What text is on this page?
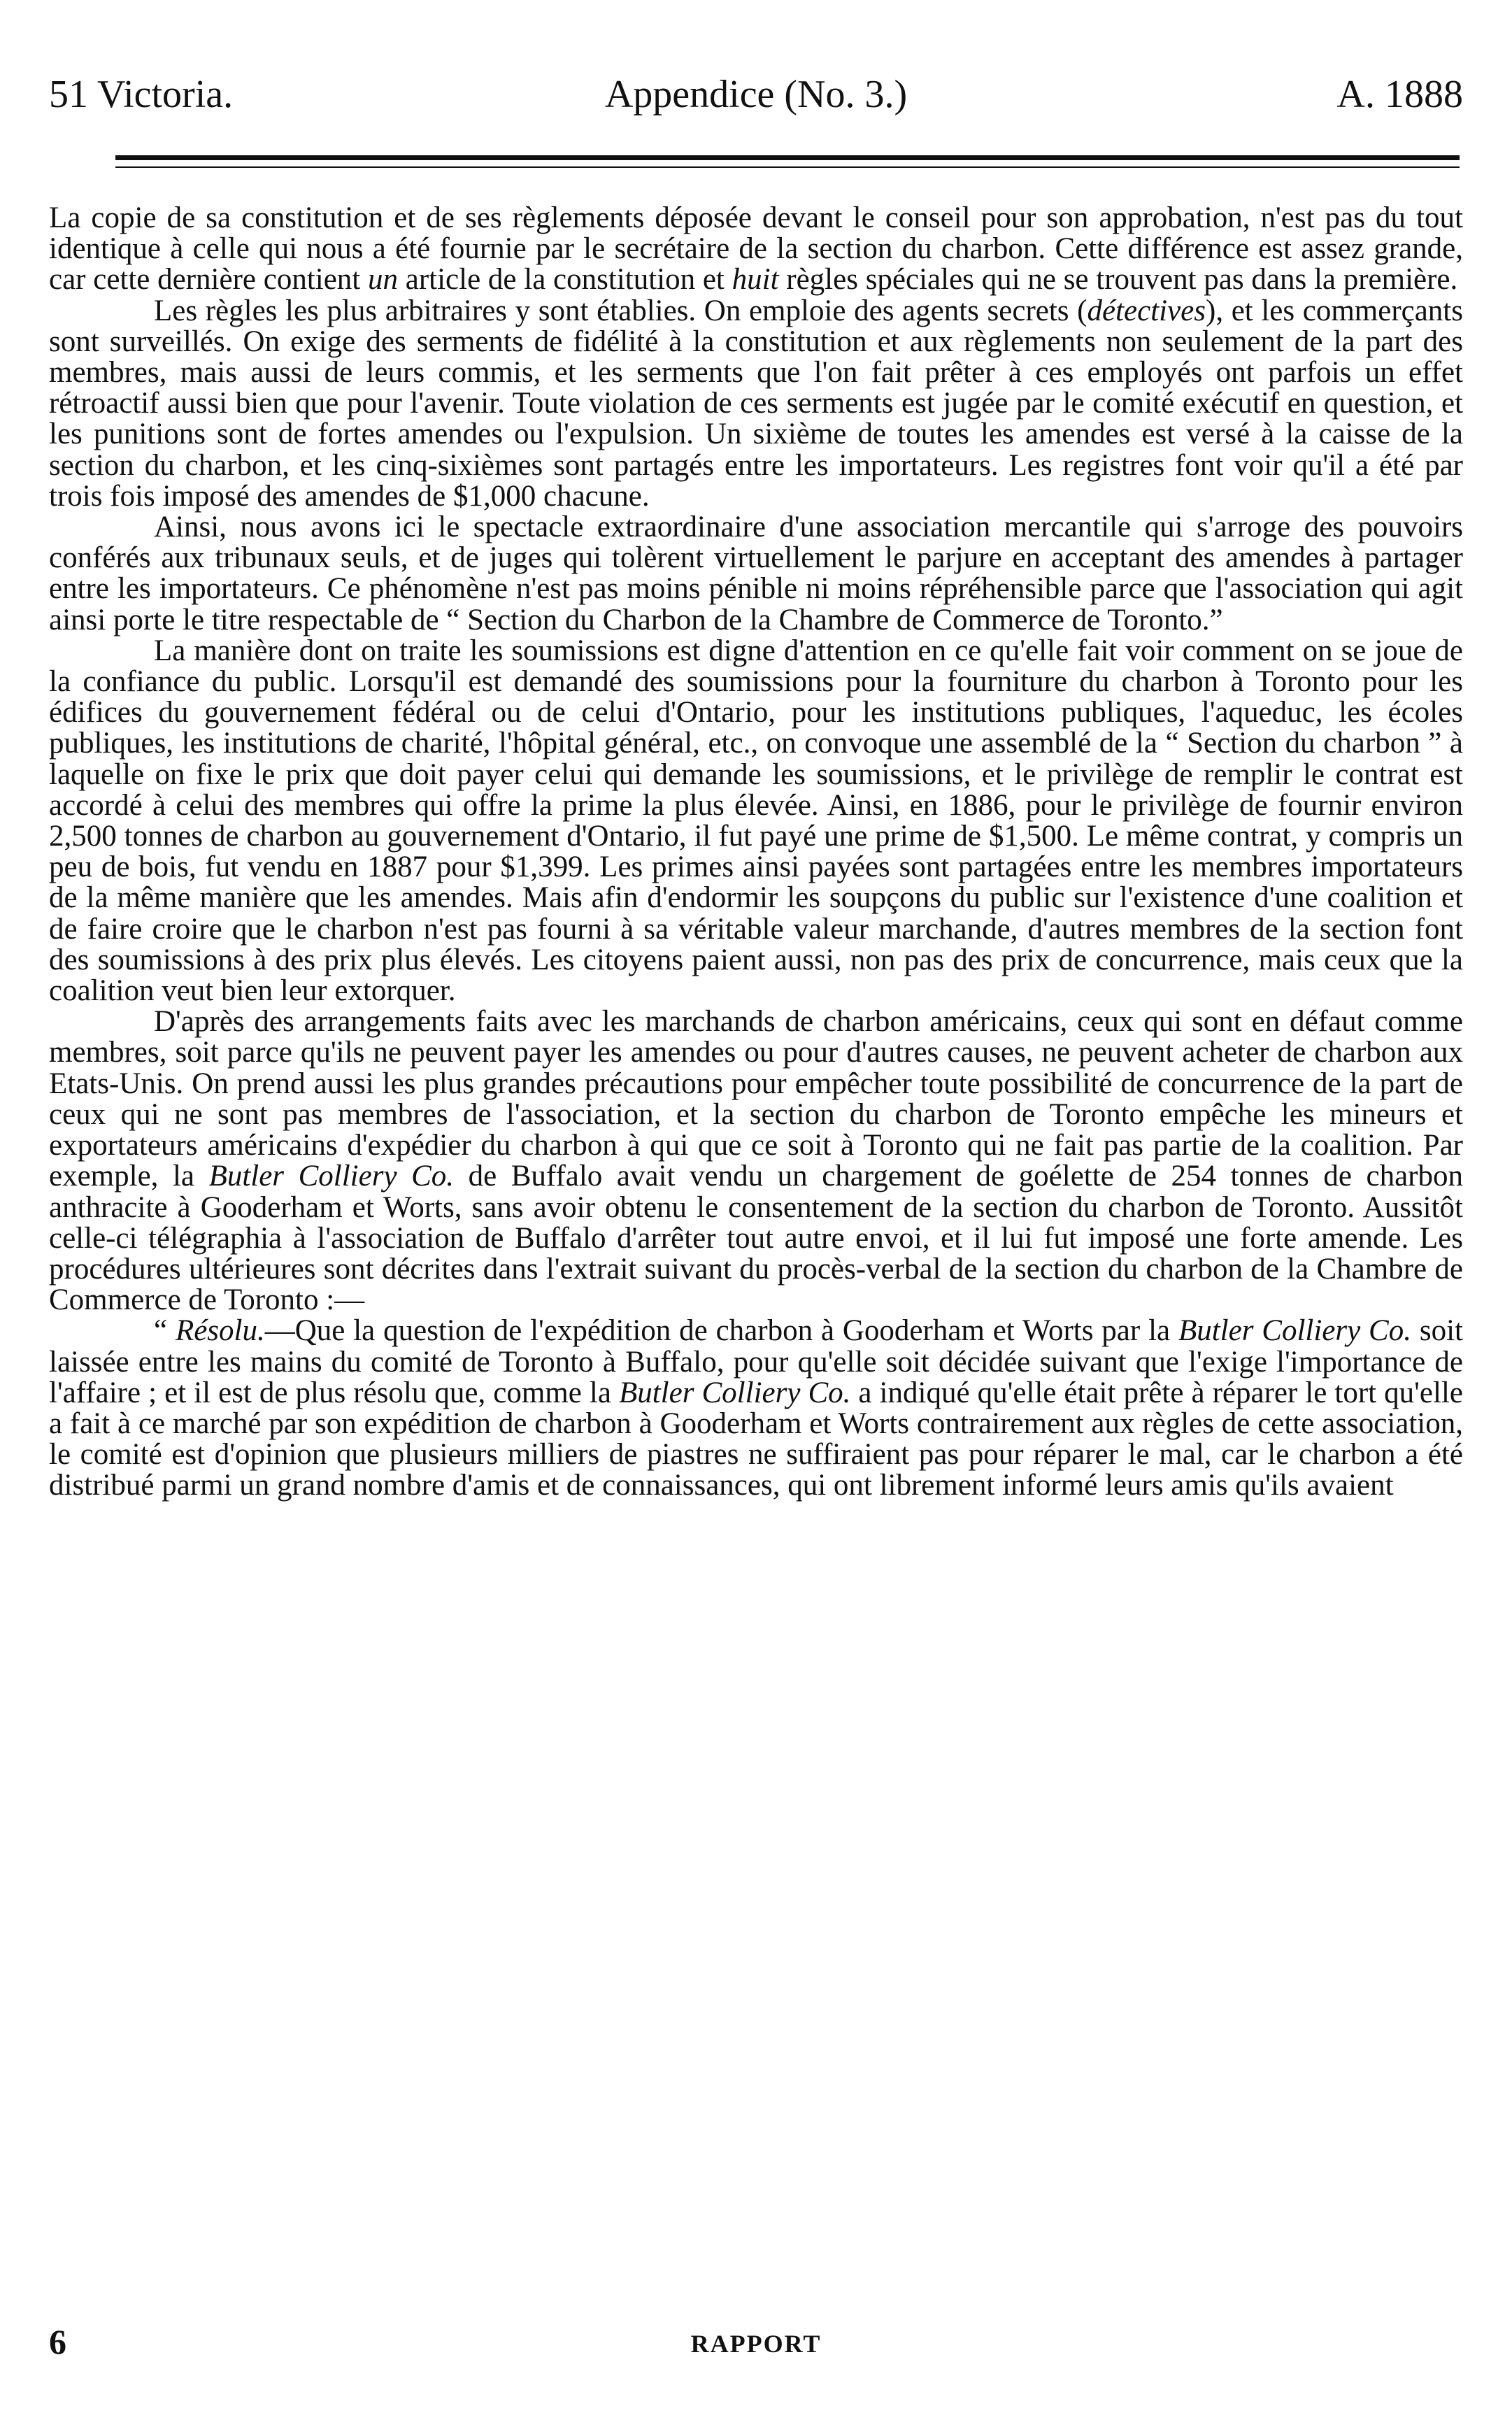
51 Victoria.	Appendice (No. 3.)	A. 1888

La copie de sa constitution et de ses règlements déposée devant le conseil pour son approbation, n'est pas du tout identique à celle qui nous a été fournie par le secrétaire de la section du charbon. Cette différence est assez grande, car cette dernière contient un article de la constitution et huit règles spéciales qui ne se trouvent pas dans la première.

Les règles les plus arbitraires y sont établies. On emploie des agents secrets (détectives), et les commerçants sont surveillés. On exige des serments de fidélité à la constitution et aux règlements non seulement de la part des membres, mais aussi de leurs commis, et les serments que l'on fait prêter à ces employés ont parfois un effet rétroactif aussi bien que pour l'avenir. Toute violation de ces serments est jugée par le comité exécutif en question, et les punitions sont de fortes amendes ou l'expulsion. Un sixième de toutes les amendes est versé à la caisse de la section du charbon, et les cinq-sixièmes sont partagés entre les importateurs. Les registres font voir qu'il a été par trois fois imposé des amendes de $1,000 chacune.

Ainsi, nous avons ici le spectacle extraordinaire d'une association mercantile qui s'arroge des pouvoirs conférés aux tribunaux seuls, et de juges qui tolèrent virtuellement le parjure en acceptant des amendes à partager entre les importateurs. Ce phénomène n'est pas moins pénible ni moins répréhensible parce que l'association qui agit ainsi porte le titre respectable de “ Section du Charbon de la Chambre de Commerce de Toronto.”

La manière dont on traite les soumissions est digne d'attention en ce qu'elle fait voir comment on se joue de la confiance du public. Lorsqu'il est demandé des soumissions pour la fourniture du charbon à Toronto pour les édifices du gouvernement fédéral ou de celui d'Ontario, pour les institutions publiques, l'aqueduc, les écoles publiques, les institutions de charité, l'hôpital général, etc., on convoque une assemblé de la “ Section du charbon ” à laquelle on fixe le prix que doit payer celui qui demande les soumissions, et le privilège de remplir le contrat est accordé à celui des membres qui offre la prime la plus élevée. Ainsi, en 1886, pour le privilège de fournir environ 2,500 tonnes de charbon au gouvernement d'Ontario, il fut payé une prime de $1,500. Le même contrat, y compris un peu de bois, fut vendu en 1887 pour $1,399. Les primes ainsi payées sont partagées entre les membres importateurs de la même manière que les amendes. Mais afin d'endormir les soupçons du public sur l'existence d'une coalition et de faire croire que le charbon n'est pas fourni à sa véritable valeur marchande, d'autres membres de la section font des soumissions à des prix plus élevés. Les citoyens paient aussi, non pas des prix de concurrence, mais ceux que la coalition veut bien leur extorquer.

D'après des arrangements faits avec les marchands de charbon américains, ceux qui sont en défaut comme membres, soit parce qu'ils ne peuvent payer les amendes ou pour d'autres causes, ne peuvent acheter de charbon aux Etats-Unis. On prend aussi les plus grandes précautions pour empêcher toute possibilité de concurrence de la part de ceux qui ne sont pas membres de l'association, et la section du charbon de Toronto empêche les mineurs et exportateurs américains d'expédier du charbon à qui que ce soit à Toronto qui ne fait pas partie de la coalition. Par exemple, la Butler Colliery Co. de Buffalo avait vendu un chargement de goélette de 254 tonnes de charbon anthracite à Gooderham et Worts, sans avoir obtenu le consentement de la section du charbon de Toronto. Aussitôt celle-ci télégraphia à l'association de Buffalo d'arrêter tout autre envoi, et il lui fut imposé une forte amende. Les procédures ultérieures sont décrites dans l'extrait suivant du procès-verbal de la section du charbon de la Chambre de Commerce de Toronto :—

“ Résolu.—Que la question de l'expédition de charbon à Gooderham et Worts par la Butler Colliery Co. soit laissée entre les mains du comité de Toronto à Buffalo, pour qu'elle soit décidée suivant que l'exige l'importance de l'affaire ; et il est de plus résolu que, comme la Butler Colliery Co. a indiqué qu'elle était prête à réparer le tort qu'elle a fait à ce marché par son expédition de charbon à Gooderham et Worts contrairement aux règles de cette association, le comité est d'opinion que plusieurs milliers de piastres ne suffiraient pas pour réparer le mal, car le charbon a été distribué parmi un grand nombre d'amis et de connaissances, qui ont librement informé leurs amis qu'ils avaient

6	RAPPORT
